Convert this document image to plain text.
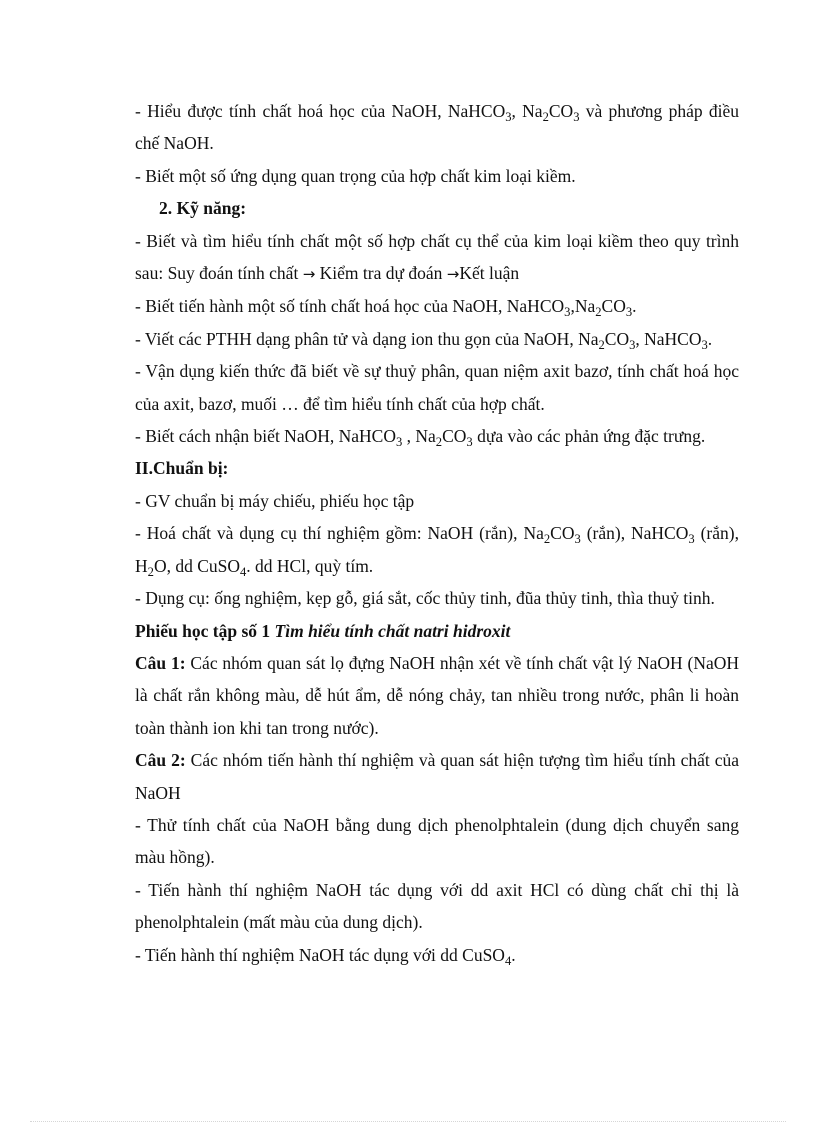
- Hiểu được tính chất hoá học của NaOH, NaHCO$_3$, $Na_2CO_3$ và phương pháp điều chế NaOH.

- Biết một số ứng dụng quan trọng của hợp chất kim loại kiềm.

2. Kỹ năng:

- Biết và tìm hiểu tính chất một số hợp chất cụ thể của kim loại kiềm theo quy trình sau: Suy đoán tính chất → Kiểm tra dự đoán →Kết luận

- Biết tiến hành một số tính chất hoá học của NaOH, $NaHCO_3,Na_2CO_3$.

- Viết các PTHH dạng phân tử và dạng ion thu gọn của NaOH, $Na_2CO_3$, NaHCO$_3$.

- Vận dụng kiến thức đã biết về sự thuỷ phân, quan niệm axit bazơ, tính chất hoá học của axit, bazơ, muối … để tìm hiểu tính chất của hợp chất.

- Biết cách nhận biết NaOH, NaHCO$_3$ , $Na_2CO_3$ dựa vào các phản ứng đặc trưng.

II.Chuẩn bị:

- GV chuẩn bị máy chiếu, phiếu học tập

- Hoá chất và dụng cụ thí nghiệm gồm: NaOH (rắn), $Na_2CO_3$ (rắn), NaHCO$_3$ (rắn), $H_2O$, dd CuSO$_4$. dd HCl, quỳ tím.

- Dụng cụ: ống nghiệm, kẹp gỗ, giá sắt, cốc thủy tinh, đũa thủy tinh, thìa thuỷ tinh.

Phiếu học tập số 1 Tìm hiểu tính chất natri hidroxit

Câu 1: Các nhóm quan sát lọ đựng NaOH nhận xét về tính chất vật lý NaOH (NaOH là chất rắn không màu, dễ hút ẩm, dễ nóng chảy, tan nhiều trong nước, phân li hoàn toàn thành ion khi tan trong nước).

Câu 2: Các nhóm tiến hành thí nghiệm và quan sát hiện tượng tìm hiểu tính chất của NaOH

- Thử tính chất của NaOH bằng dung dịch phenolphtalein (dung dịch chuyển sang màu hồng).

- Tiến hành thí nghiệm NaOH tác dụng với dd axit HCl có dùng chất chỉ thị là phenolphtalein (mất màu của dung dịch).

- Tiến hành thí nghiệm NaOH tác dụng với dd CuSO$_4$.
